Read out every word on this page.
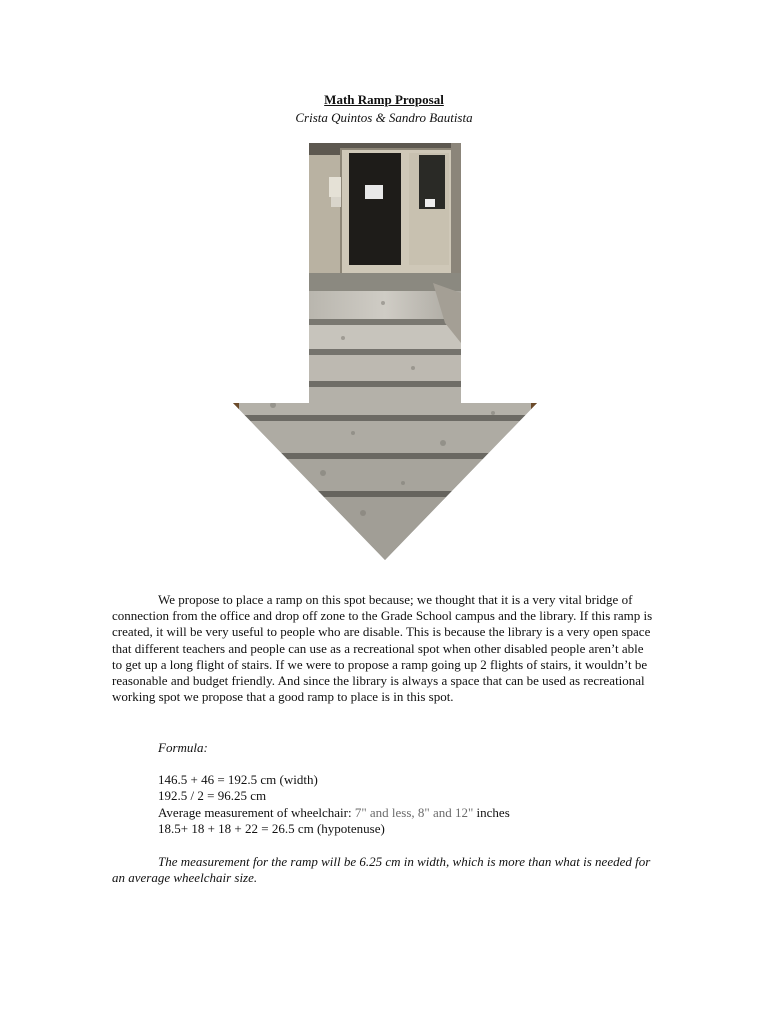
Math Ramp Proposal
Crista Quintos & Sandro Bautista

We propose to place a ramp on this spot because; we thought that it is a very vital bridge of connection from the office and drop off zone to the Grade School campus and the library. If this ramp is created, it will be very useful to people who are disable. This is because the library is a very open space that different teachers and people can use as a recreational spot when other disabled people aren’t able to get up a long flight of stairs. If we were to propose a ramp going up 2 flights of stairs, it wouldn’t be reasonable and budget friendly. And since the library is always a space that can be used as recreational working spot we propose that a good ramp to place is in this spot.

Formula:
146.5 + 46 = 192.5 cm (width)
192.5 / 2 = 96.25 cm
Average measurement of wheelchair: 7" and less, 8" and 12" inches
18.5+ 18 + 18 + 22 = 26.5 cm (hypotenuse)

The measurement for the ramp will be 6.25 cm in width, which is more than what is needed for an average wheelchair size.
